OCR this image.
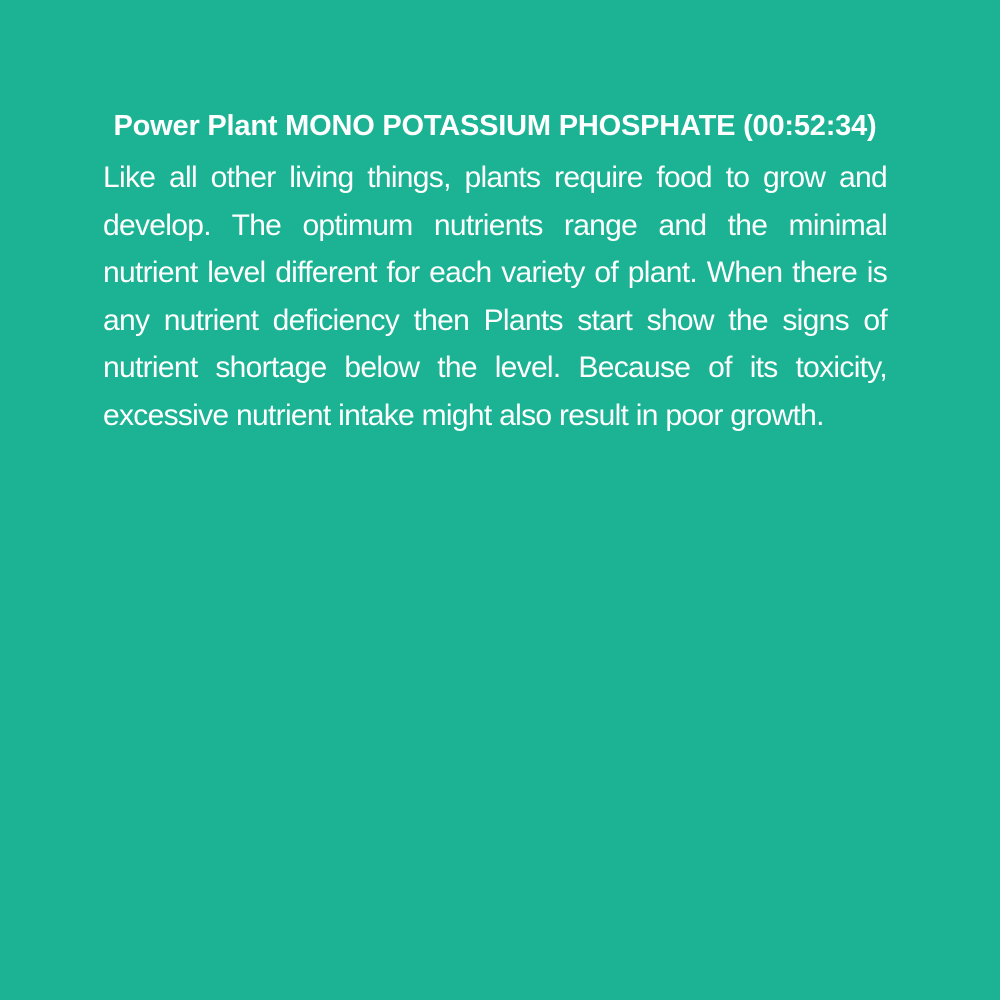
Power Plant MONO POTASSIUM PHOSPHATE (00:52:34)

Like all other living things, plants require food to grow and develop. The optimum nutrients range and the minimal nutrient level different for each variety of plant. When there is any nutrient deficiency then Plants start show the signs of nutrient shortage below the level. Because of its toxicity, excessive nutrient intake might also result in poor growth.
